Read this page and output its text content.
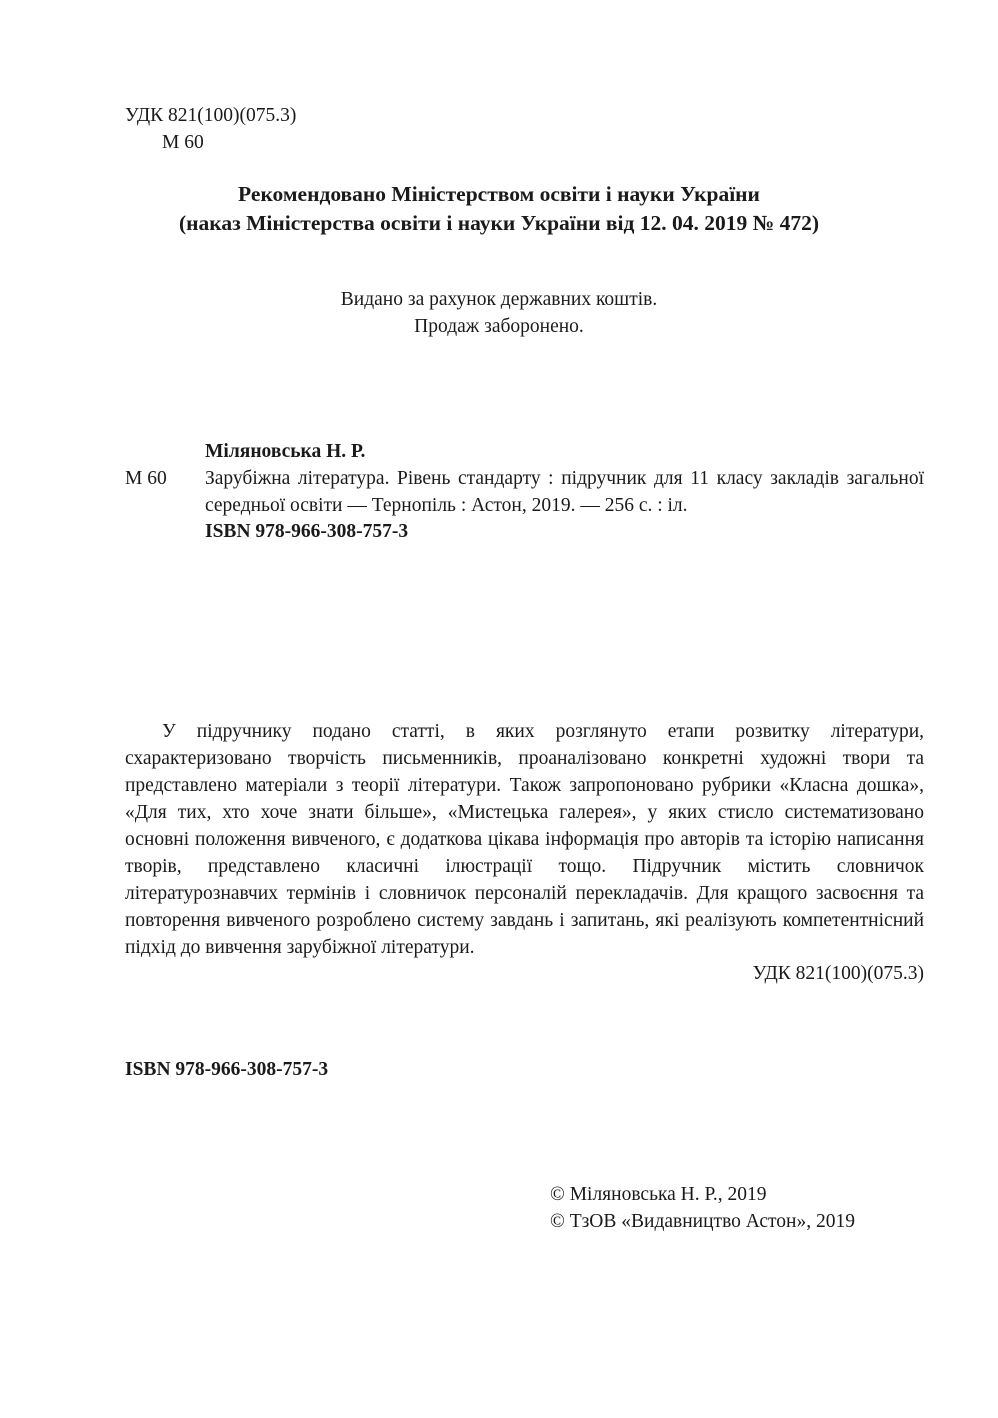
УДК 821(100)(075.3)
М 60
Рекомендовано Міністерством освіти і науки України
(наказ Міністерства освіти і науки України від 12. 04. 2019 № 472)
Видано за рахунок державних коштів.
Продаж заборонено.
Міляновська Н. Р.
М 60 Зарубіжна література. Рівень стандарту : підручник для 11 класу закладів загальної середньої освіти — Тернопіль : Астон, 2019. — 256 с. : іл.
ISBN 978-966-308-757-3
У підручнику подано статті, в яких розглянуто етапи розвитку літератури, схарактеризовано творчість письменників, проаналізовано конкретні художні твори та представлено матеріали з теорії літератури. Також запропоновано рубрики «Класна дошка», «Для тих, хто хоче знати більше», «Мистецька галерея», у яких стисло систематизовано основні положення вивченого, є додаткова цікава інформація про авторів та історію написання творів, представлено класичні ілюстрації тощо. Підручник містить словничок літературознавчих термінів і словничок персоналій перекладачів. Для кращого засвоєння та повторення вивченого розроблено систему завдань і запитань, які реалізують компетентнісний підхід до вивчення зарубіжної літератури.
УДК 821(100)(075.3)
ISBN 978-966-308-757-3
© Міляновська Н. Р., 2019
© ТзОВ «Видавництво Астон», 2019
